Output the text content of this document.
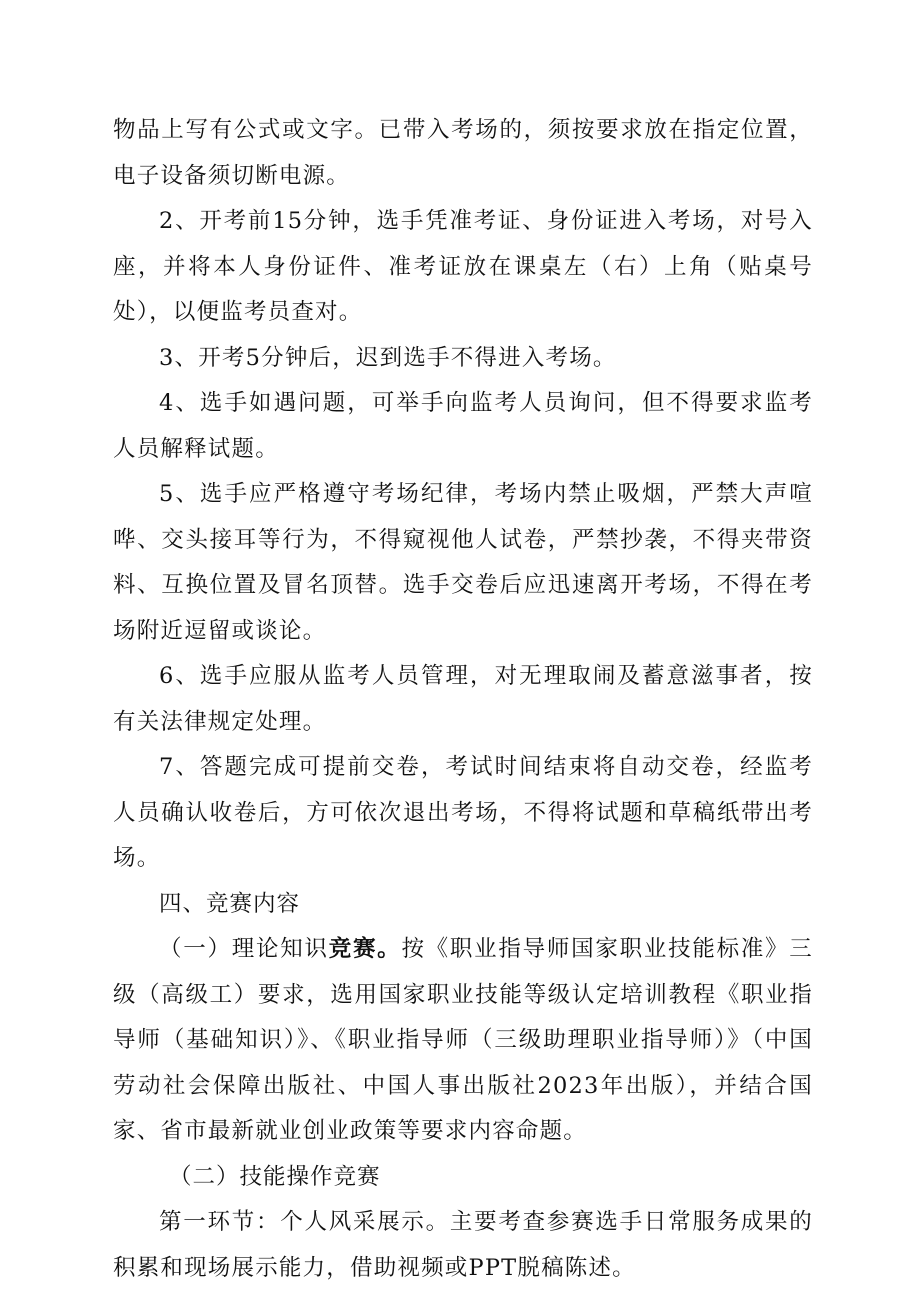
物品上写有公式或文字。已带入考场的，须按要求放在指定位置，电子设备须切断电源。

2、开考前15分钟，选手凭准考证、身份证进入考场，对号入座，并将本人身份证件、准考证放在课桌左（右）上角（贴桌号处），以便监考员查对。

3、开考5分钟后，迟到选手不得进入考场。

4、选手如遇问题，可举手向监考人员询问，但不得要求监考人员解释试题。

5、选手应严格遵守考场纪律，考场内禁止吸烟，严禁大声喧哗、交头接耳等行为，不得窥视他人试卷，严禁抄袭，不得夹带资料、互换位置及冒名顶替。选手交卷后应迅速离开考场，不得在考场附近逗留或谈论。

6、选手应服从监考人员管理，对无理取闹及蓄意滋事者，按有关法律规定处理。

7、答题完成可提前交卷，考试时间结束将自动交卷，经监考人员确认收卷后，方可依次退出考场，不得将试题和草稿纸带出考场。

四、竞赛内容

（一）理论知识竞赛。按《职业指导师国家职业技能标准》三级（高级工）要求，选用国家职业技能等级认定培训教程《职业指导师（基础知识）》、《职业指导师（三级助理职业指导师）》（中国劳动社会保障出版社、中国人事出版社2023年出版），并结合国家、省市最新就业创业政策等要求内容命题。

（二）技能操作竞赛

第一环节：个人风采展示。主要考查参赛选手日常服务成果的积累和现场展示能力，借助视频或PPT脱稿陈述。
